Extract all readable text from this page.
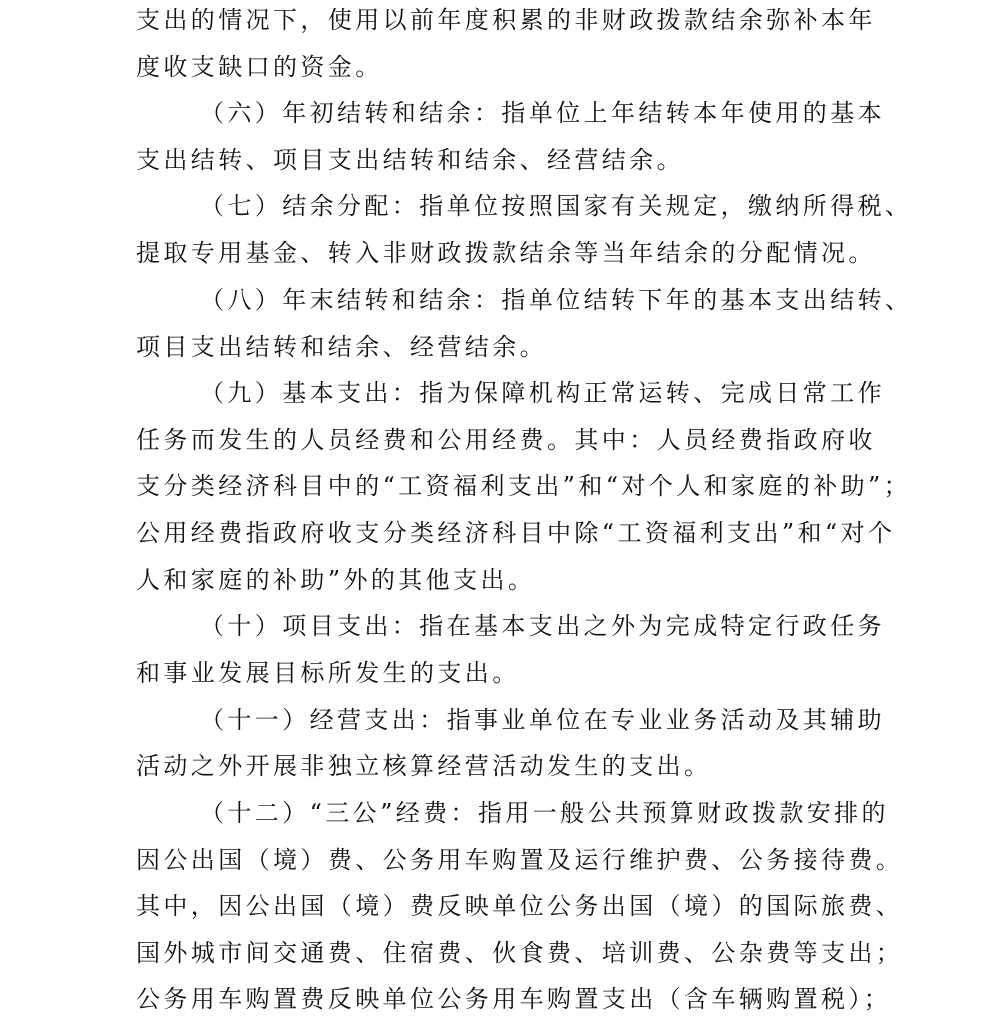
支出的情况下，使用以前年度积累的非财政拨款结余弥补本年
度收支缺口的资金。
（六）年初结转和结余：指单位上年结转本年使用的基本
支出结转、项目支出结转和结余、经营结余。
（七）结余分配：指单位按照国家有关规定，缴纳所得税、
提取专用基金、转入非财政拨款结余等当年结余的分配情况。
（八）年末结转和结余：指单位结转下年的基本支出结转、
项目支出结转和结余、经营结余。
（九）基本支出：指为保障机构正常运转、完成日常工作
任务而发生的人员经费和公用经费。其中：人员经费指政府收
支分类经济科目中的“工资福利支出”和“对个人和家庭的补助”；
公用经费指政府收支分类经济科目中除“工资福利支出”和“对个
人和家庭的补助”外的其他支出。
（十）项目支出：指在基本支出之外为完成特定行政任务
和事业发展目标所发生的支出。
（十一）经营支出：指事业单位在专业业务活动及其辅助
活动之外开展非独立核算经营活动发生的支出。
（十二）“三公”经费：指用一般公共预算财政拨款安排的
因公出国（境）费、公务用车购置及运行维护费、公务接待费。
其中，因公出国（境）费反映单位公务出国（境）的国际旅费、
国外城市间交通费、住宿费、伙食费、培训费、公杂费等支出；
公务用车购置费反映单位公务用车购置支出（含车辆购置税）；
